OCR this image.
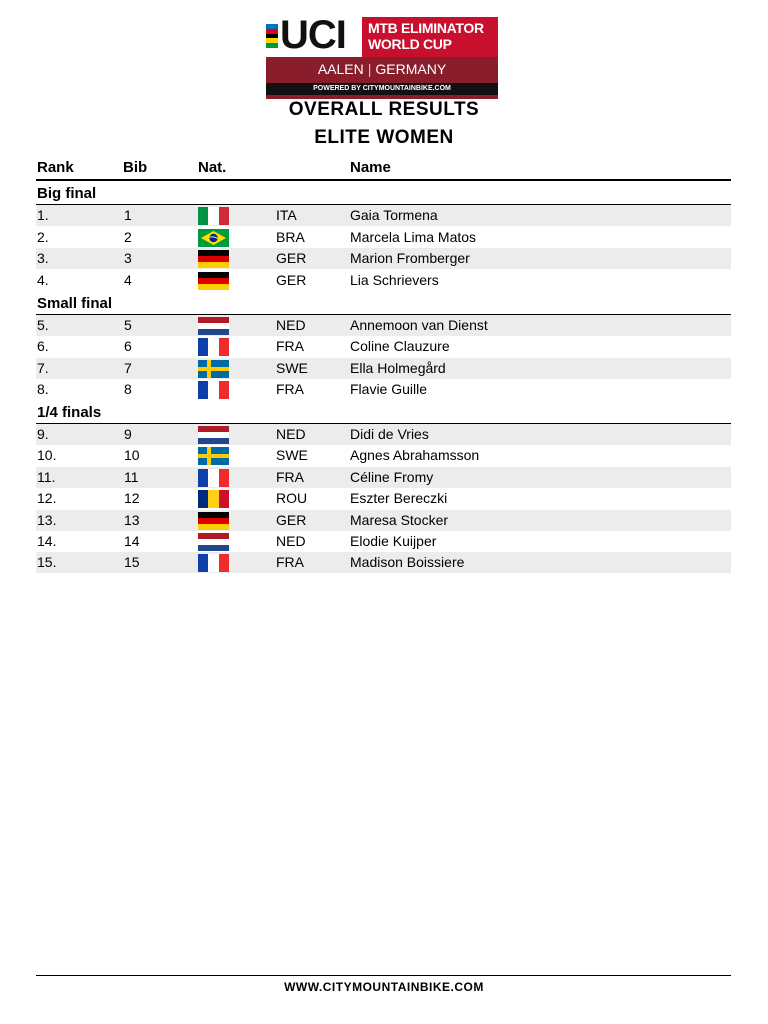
UCI MTB ELIMINATOR
WORLD CUP
AALEN | GERMANY
POWERED BY CITYMOUNTAINBIKE.COM
OVERALL RESULTS
ELITE WOMEN
Rank	Bib	Nat.	Name
Big final
1.	1	ITA	Gaia Tormena
2.	2	BRA	Marcela Lima Matos
3.	3	GER	Marion Fromberger
4.	4	GER	Lia Schrievers
Small final
5.	5	NED	Annemoon van Dienst
6.	6	FRA	Coline Clauzure
7.	7	SWE	Ella Holmegård
8.	8	FRA	Flavie Guille
1/4 finals
9.	9	NED	Didi de Vries
10.	10	SWE	Agnes Abrahamsson
11.	11	FRA	Céline Fromy
12.	12	ROU	Eszter Bereczki
13.	13	GER	Maresa Stocker
14.	14	NED	Elodie Kuijper
15.	15	FRA	Madison Boissiere
WWW.CITYMOUNTAINBIKE.COM
